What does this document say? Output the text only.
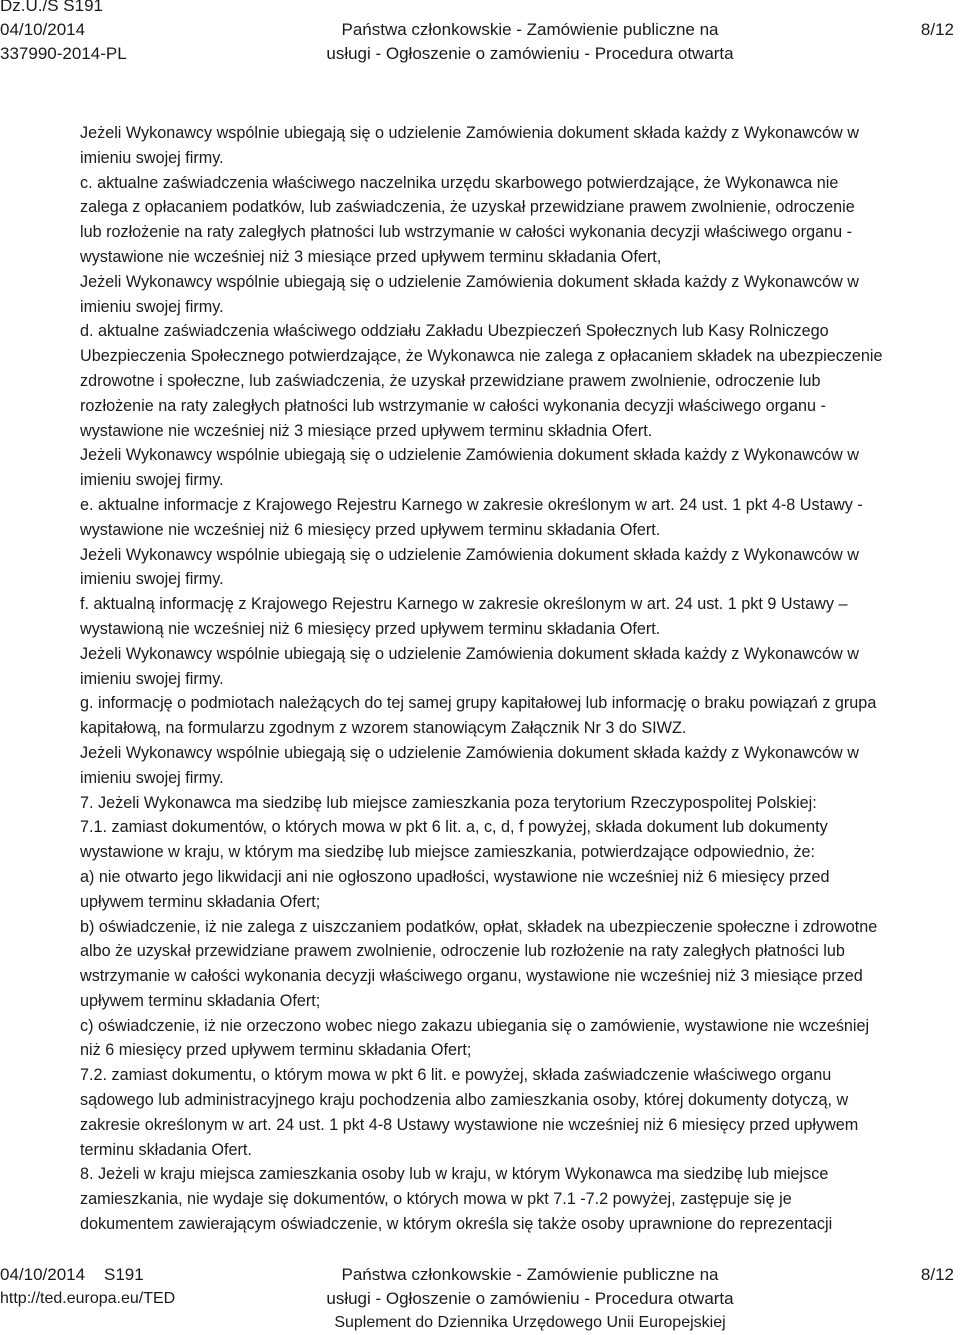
Dz.U./S S191
04/10/2014
337990-2014-PL
Państwa członkowskie - Zamówienie publiczne na
usługi - Ogłoszenie o zamówieniu - Procedura otwarta
8/12

Jeżeli Wykonawcy wspólnie ubiegają się o udzielenie Zamówienia dokument składa każdy z Wykonawców w

imieniu swojej firmy.

c. aktualne zaświadczenia właściwego naczelnika urzędu skarbowego potwierdzające, że Wykonawca nie

zalega z opłacaniem podatków, lub zaświadczenia, że uzyskał przewidziane prawem zwolnienie, odroczenie

lub rozłożenie na raty zaległych płatności lub wstrzymanie w całości wykonania decyzji właściwego organu -

wystawione nie wcześniej niż 3 miesiące przed upływem terminu składania Ofert,

Jeżeli Wykonawcy wspólnie ubiegają się o udzielenie Zamówienia dokument składa każdy z Wykonawców w

imieniu swojej firmy.

d. aktualne zaświadczenia właściwego oddziału Zakładu Ubezpieczeń Społecznych lub Kasy Rolniczego

Ubezpieczenia Społecznego potwierdzające, że Wykonawca nie zalega z opłacaniem składek na ubezpieczenie

zdrowotne i społeczne, lub zaświadczenia, że uzyskał przewidziane prawem zwolnienie, odroczenie lub

rozłożenie na raty zaległych płatności lub wstrzymanie w całości wykonania decyzji właściwego organu -

wystawione nie wcześniej niż 3 miesiące przed upływem terminu składnia Ofert.

Jeżeli Wykonawcy wspólnie ubiegają się o udzielenie Zamówienia dokument składa każdy z Wykonawców w

imieniu swojej firmy.

e. aktualne informacje z Krajowego Rejestru Karnego w zakresie określonym w art. 24 ust. 1 pkt 4-8 Ustawy -

wystawione nie wcześniej niż 6 miesięcy przed upływem terminu składania Ofert.

Jeżeli Wykonawcy wspólnie ubiegają się o udzielenie Zamówienia dokument składa każdy z Wykonawców w

imieniu swojej firmy.

f. aktualną informację z Krajowego Rejestru Karnego w zakresie określonym w art. 24 ust. 1 pkt 9 Ustawy –

wystawioną nie wcześniej niż 6 miesięcy przed upływem terminu składania Ofert.

Jeżeli Wykonawcy wspólnie ubiegają się o udzielenie Zamówienia dokument składa każdy z Wykonawców w

imieniu swojej firmy.

g. informację o podmiotach należących do tej samej grupy kapitałowej lub informację o braku powiązań z grupa

kapitałową, na formularzu zgodnym z wzorem stanowiącym Załącznik Nr 3 do SIWZ.

Jeżeli Wykonawcy wspólnie ubiegają się o udzielenie Zamówienia dokument składa każdy z Wykonawców w

imieniu swojej firmy.

7. Jeżeli Wykonawca ma siedzibę lub miejsce zamieszkania poza terytorium Rzeczypospolitej Polskiej:

7.1. zamiast dokumentów, o których mowa w pkt 6 lit. a, c, d, f powyżej, składa dokument lub dokumenty

wystawione w kraju, w którym ma siedzibę lub miejsce zamieszkania, potwierdzające odpowiednio, że:

a) nie otwarto jego likwidacji ani nie ogłoszono upadłości, wystawione nie wcześniej niż 6 miesięcy przed

upływem terminu składania Ofert;

b) oświadczenie, iż nie zalega z uiszczaniem podatków, opłat, składek na ubezpieczenie społeczne i zdrowotne

albo że uzyskał przewidziane prawem zwolnienie, odroczenie lub rozłożenie na raty zaległych płatności lub

wstrzymanie w całości wykonania decyzji właściwego organu, wystawione nie wcześniej niż 3 miesiące przed

upływem terminu składania Ofert;

c) oświadczenie, iż nie orzeczono wobec niego zakazu ubiegania się o zamówienie, wystawione nie wcześniej

niż 6 miesięcy przed upływem terminu składania Ofert;

7.2. zamiast dokumentu, o którym mowa w pkt 6 lit. e powyżej, składa zaświadczenie właściwego organu

sądowego lub administracyjnego kraju pochodzenia albo zamieszkania osoby, której dokumenty dotyczą, w

zakresie określonym w art. 24 ust. 1 pkt 4-8 Ustawy wystawione nie wcześniej niż 6 miesięcy przed upływem

terminu składania Ofert.

8. Jeżeli w kraju miejsca zamieszkania osoby lub w kraju, w którym Wykonawca ma siedzibę lub miejsce

zamieszkania, nie wydaje się dokumentów, o których mowa w pkt 7.1 -7.2 powyżej, zastępuje się je

dokumentem zawierającym oświadczenie, w którym określa się także osoby uprawnione do reprezentacji

04/10/2014 S191
http://ted.europa.eu/TED
Państwa członkowskie - Zamówienie publiczne na
usługi - Ogłoszenie o zamówieniu - Procedura otwarta
Suplement do Dziennika Urzędowego Unii Europejskiej
8/12
